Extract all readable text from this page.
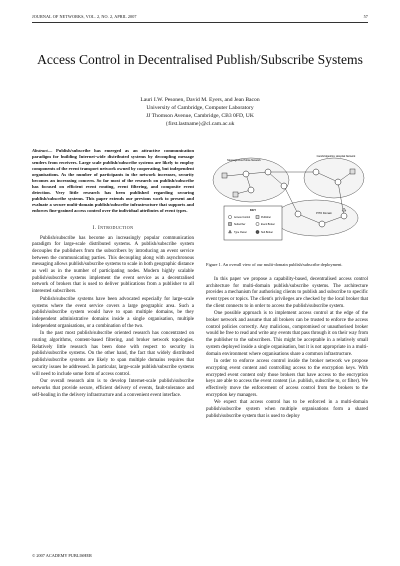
JOURNAL OF NETWORKS, VOL. 2, NO. 2, APRIL 2007	57
Access Control in Decentralised Publish/Subscribe Systems
Lauri I.W. Pesonen, David M. Eyers, and Jean Bacon
University of Cambridge, Computer Laboratory
JJ Thomson Avenue, Cambridge, CB3 0FD, UK
{first.lastname}@cl.cam.ac.uk

Abstract— Publish/subscribe has emerged as an attractive communication paradigm for building Internet-wide distributed systems by decoupling message senders from receivers. Large scale publish/subscribe systems are likely to employ components of the event transport network owned by cooperating, but independent organisations. As the number of participants in the network increases, security becomes an increasing concern. So far most of the research on publish/subscribe has focused on efficient event routing, event filtering, and composite event detection. Very little research has been published regarding securing publish/subscribe systems. This paper extends our previous work to present and evaluate a secure multi-domain publish/subscribe infrastructure that supports and enforces fine-grained access control over the individual attributes of event types.

I. Introduction

Publish/subscribe has become an increasingly popular communication paradigm for large-scale distributed systems. A publish/subscribe system decouples the publishers from the subscribers by introducing an event service between the communicating parties. This decoupling along with asynchronous messaging allows publish/subscribe systems to scale in both geographic distance as well as in the number of participating nodes. Modern highly scalable publish/subscribe systems implement the event service as a decentralised network of brokers that is used to deliver publications from a publisher to all interested subscribers.

Publish/subscribe systems have been advocated especially for large-scale systems where the event service covers a large geographic area. Such a publish/subscribe system would have to span multiple domains, be they independent administrative domains inside a single organisation, multiple independent organisations, or a combination of the two.

In the past most publish/subscribe oriented research has concentrated on routing algorithms, content-based filtering, and broker network topologies. Relatively little research has been done with respect to security in publish/subscribe systems. On the other hand, the fact that widely distributed publish/subscribe systems are likely to span multiple domains requires that security issues be addressed. In particular, large-scale publish/subscribe systems will need to include some form of access control.

Our overall research aim is to develop Internet-scale publish/subscribe networks that provide secure, efficient delivery of events, fault-tolerance and self-healing in the delivery infrastructure and a convenient event interface.

Message-bus Police Network
Cambridgeshire Hospital Network
PITO Domain
KEY
Access Control	Publisher
Subscriber	Event Broker
Type Owner	Sub Broker
Figure 1. An overall view of our multi-domain publish/subscribe deployment.

In this paper we propose a capability-based, decentralised access control architecture for multi-domain publish/subscribe systems. The architecture provides a mechanism for authorising clients to publish and subscribe to specific event types or topics. The client's privileges are checked by the local broker that the client connects to in order to access the publish/subscribe system.

One possible approach is to implement access control at the edge of the broker network and assume that all brokers can be trusted to enforce the access control policies correctly. Any malicious, compromised or unauthorised broker would be free to read and write any events that pass through it on their way from the publisher to the subscribers. This might be acceptable in a relatively small system deployed inside a single organisation, but it is not appropriate in a multi-domain environment where organisations share a common infrastructure.

In order to enforce access control inside the broker network we propose encrypting event content and controlling access to the encryption keys. With encrypted event content only those brokers that have access to the encryption keys are able to access the event content (i.e. publish, subscribe to, or filter). We effectively move the enforcement of access control from the brokers to the encryption key managers.

We expect that access control has to be enforced in a multi-domain publish/subscribe system when multiple organisations form a shared publish/subscribe system that is used to deploy

© 2007 ACADEMY PUBLISHER
